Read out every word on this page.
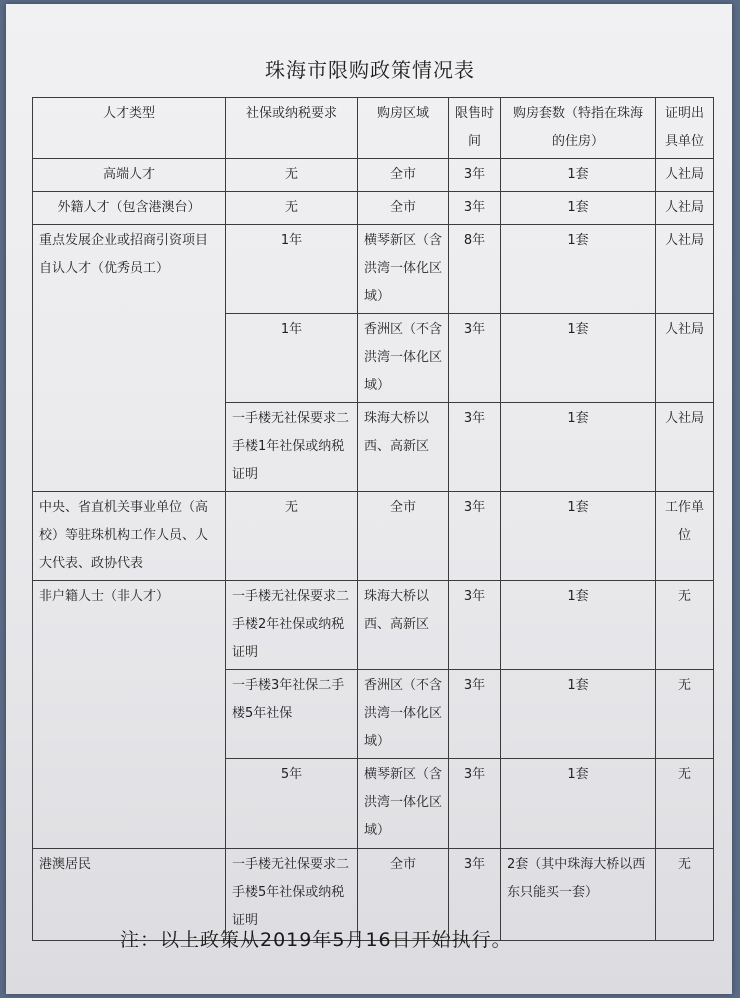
珠海市限购政策情况表
人才类型	社保或纳税要求	购房区域	限售时间	购房套数（特指在珠海的住房）	证明出具单位
高端人才	无	全市	3年	1套	人社局
外籍人才（包含港澳台）	无	全市	3年	1套	人社局
重点发展企业或招商引资项目自认人才（优秀员工）	1年	横琴新区（含洪湾一体化区域）	8年	1套	人社局
	1年	香洲区（不含洪湾一体化区域）	3年	1套	人社局
	一手楼无社保要求二手楼1年社保或纳税证明	珠海大桥以西、高新区	3年	1套	人社局
中央、省直机关事业单位（高校）等驻珠机构工作人员、人大代表、政协代表	无	全市	3年	1套	工作单位
非户籍人士（非人才）	一手楼无社保要求二手楼2年社保或纳税证明	珠海大桥以西、高新区	3年	1套	无
	一手楼3年社保二手楼5年社保	香洲区（不含洪湾一体化区域）	3年	1套	无
	5年	横琴新区（含洪湾一体化区域）	3年	1套	无
港澳居民	一手楼无社保要求二手楼5年社保或纳税证明	全市	3年	2套（其中珠海大桥以西东只能买一套）	无
注：以上政策从2019年5月16日开始执行。
